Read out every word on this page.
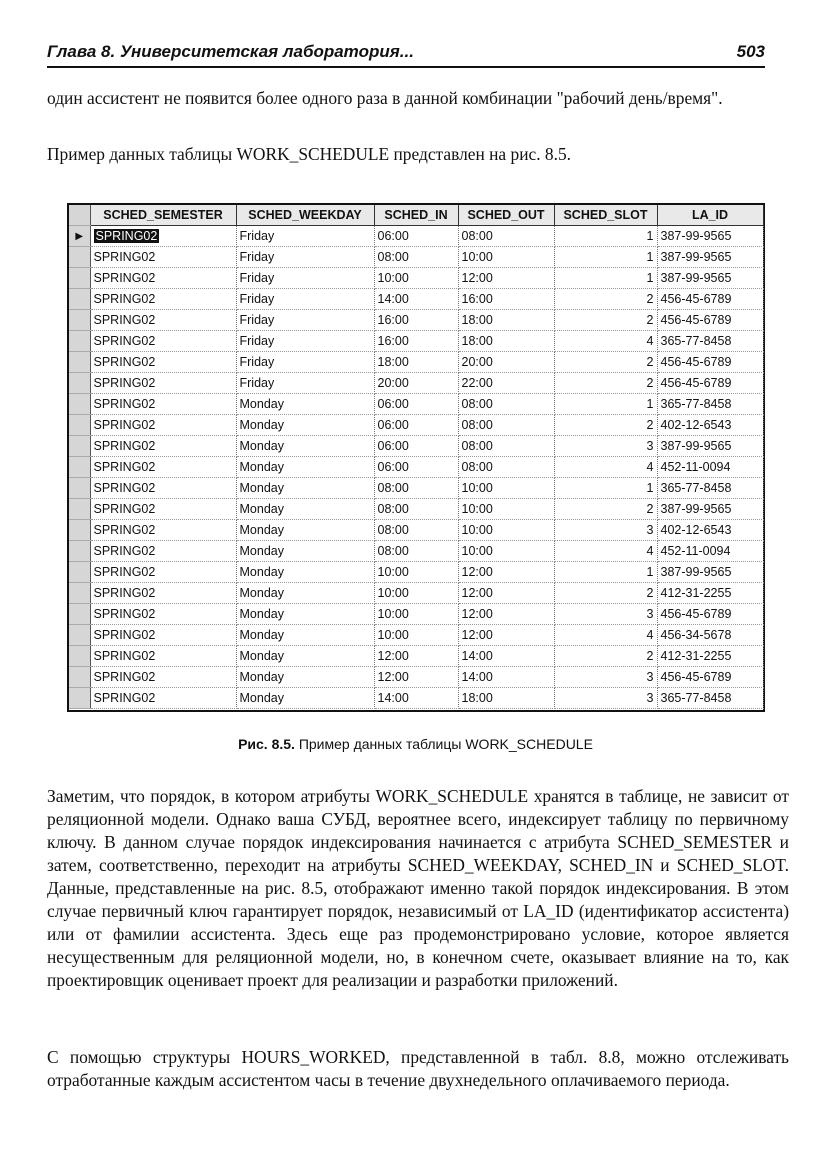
Глава 8. Университетская лаборатория...	503

один ассистент не появится более одного раза в данной комбинации "рабочий день/время".

Пример данных таблицы WORK_SCHEDULE представлен на рис. 8.5.

	SCHED_SEMESTER	SCHED_WEEKDAY	SCHED_IN	SCHED_OUT	SCHED_SLOT	LA_ID
▶	SPRING02	Friday	06:00	08:00	1	387-99-9565
	SPRING02	Friday	08:00	10:00	1	387-99-9565
	SPRING02	Friday	10:00	12:00	1	387-99-9565
	SPRING02	Friday	14:00	16:00	2	456-45-6789
	SPRING02	Friday	16:00	18:00	2	456-45-6789
	SPRING02	Friday	16:00	18:00	4	365-77-8458
	SPRING02	Friday	18:00	20:00	2	456-45-6789
	SPRING02	Friday	20:00	22:00	2	456-45-6789
	SPRING02	Monday	06:00	08:00	1	365-77-8458
	SPRING02	Monday	06:00	08:00	2	402-12-6543
	SPRING02	Monday	06:00	08:00	3	387-99-9565
	SPRING02	Monday	06:00	08:00	4	452-11-0094
	SPRING02	Monday	08:00	10:00	1	365-77-8458
	SPRING02	Monday	08:00	10:00	2	387-99-9565
	SPRING02	Monday	08:00	10:00	3	402-12-6543
	SPRING02	Monday	08:00	10:00	4	452-11-0094
	SPRING02	Monday	10:00	12:00	1	387-99-9565
	SPRING02	Monday	10:00	12:00	2	412-31-2255
	SPRING02	Monday	10:00	12:00	3	456-45-6789
	SPRING02	Monday	10:00	12:00	4	456-34-5678
	SPRING02	Monday	12:00	14:00	2	412-31-2255
	SPRING02	Monday	12:00	14:00	3	456-45-6789
	SPRING02	Monday	14:00	18:00	3	365-77-8458
Рис. 8.5. Пример данных таблицы WORK_SCHEDULE

Заметим, что порядок, в котором атрибуты WORK_SCHEDULE хранятся в таблице, не зависит от реляционной модели. Однако ваша СУБД, вероятнее всего, индексирует таблицу по первичному ключу. В данном случае порядок индексирования начинается с атрибута SCHED_SEMESTER и затем, соответственно, переходит на атрибуты SCHED_WEEKDAY, SCHED_IN и SCHED_SLOT. Данные, представленные на рис. 8.5, отображают именно такой порядок индексирования. В этом случае первичный ключ гарантирует порядок, независимый от LA_ID (идентификатор ассистента) или от фамилии ассистента. Здесь еще раз продемонстрировано условие, которое является несущественным для реляционной модели, но, в конечном счете, оказывает влияние на то, как проектировщик оценивает проект для реализации и разработки приложений.

С помощью структуры HOURS_WORKED, представленной в табл. 8.8, можно отслеживать отработанные каждым ассистентом часы в течение двухнедельного оплачиваемого периода.
